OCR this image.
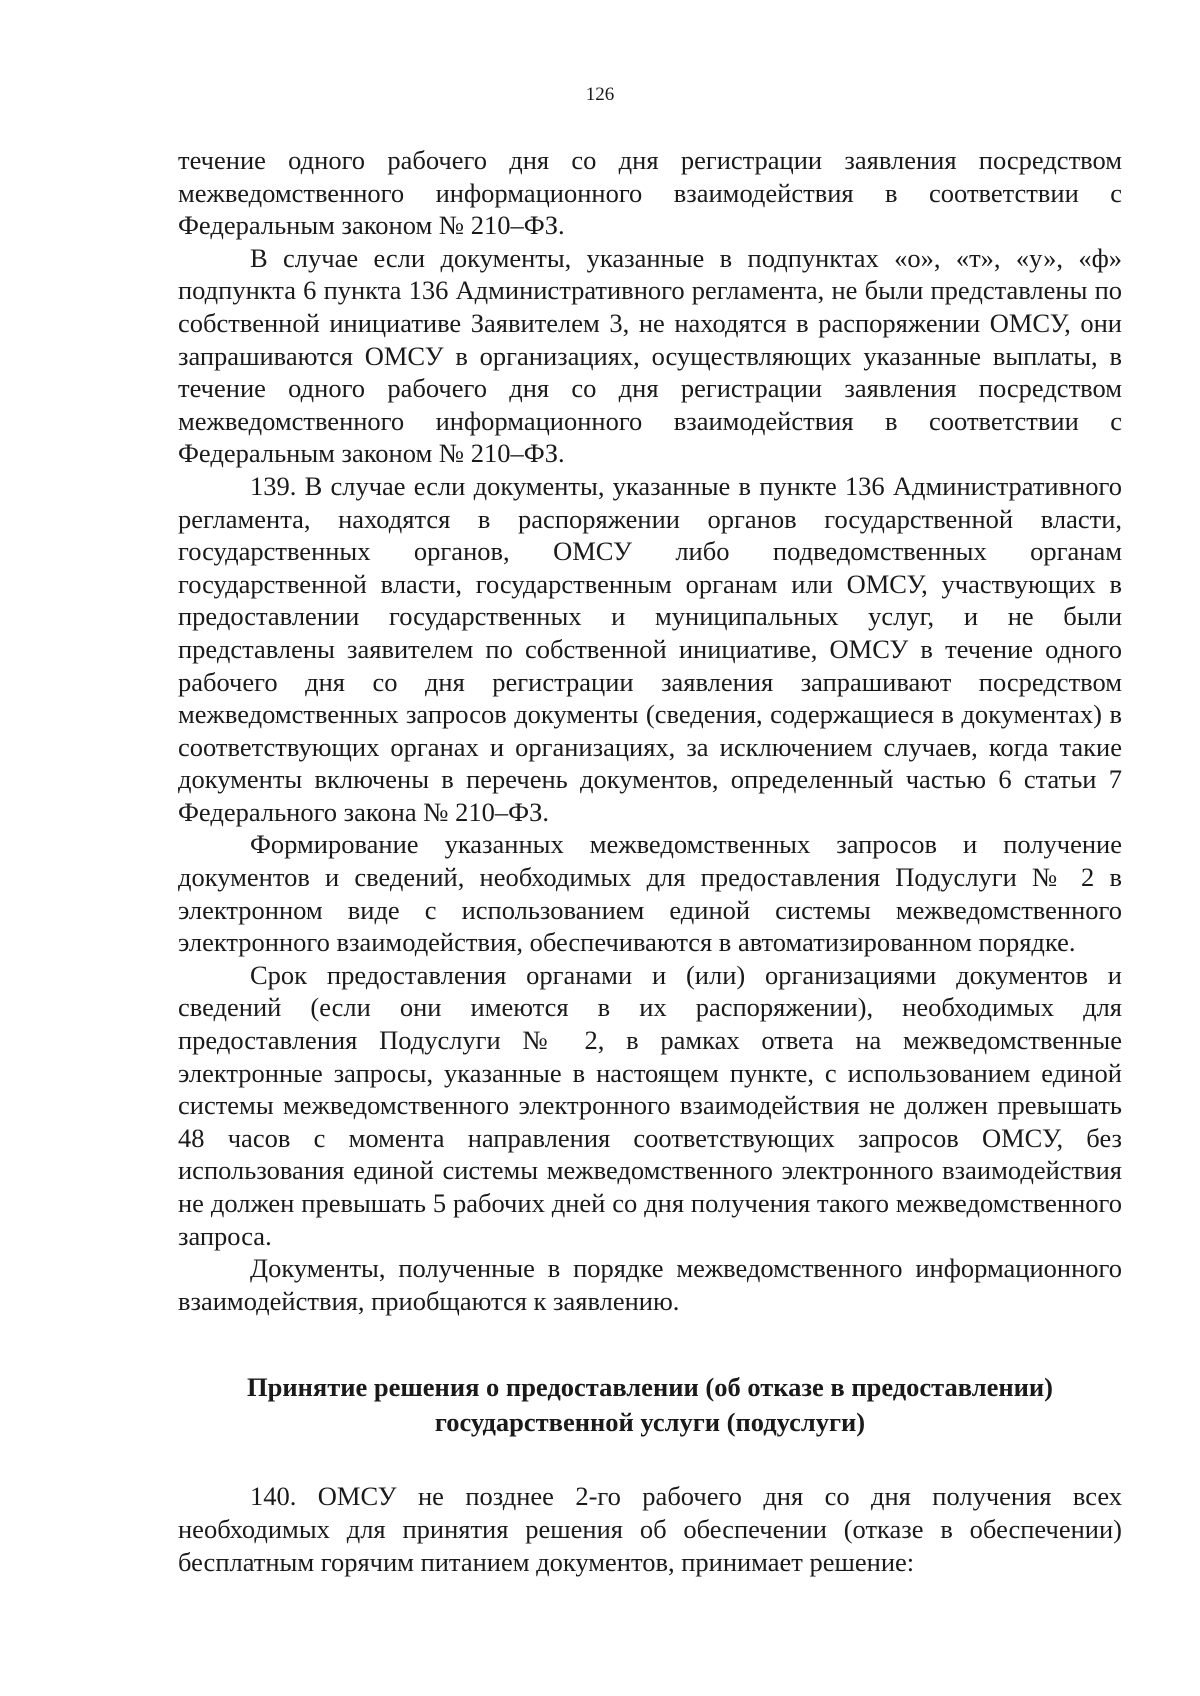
126

течение одного рабочего дня со дня регистрации заявления посредством межведомственного информационного взаимодействия в соответствии с Федеральным законом № 210–ФЗ.

В случае если документы, указанные в подпунктах «о», «т», «у», «ф» подпункта 6 пункта 136 Административного регламента, не были представлены по собственной инициативе Заявителем 3, не находятся в распоряжении ОМСУ, они запрашиваются ОМСУ в организациях, осуществляющих указанные выплаты, в течение одного рабочего дня со дня регистрации заявления посредством межведомственного информационного взаимодействия в соответствии с Федеральным законом № 210–ФЗ.

139. В случае если документы, указанные в пункте 136 Административного регламента, находятся в распоряжении органов государственной власти, государственных органов, ОМСУ либо подведомственных органам государственной власти, государственным органам или ОМСУ, участвующих в предоставлении государственных и муниципальных услуг, и не были представлены заявителем по собственной инициативе, ОМСУ в течение одного рабочего дня со дня регистрации заявления запрашивают посредством межведомственных запросов документы (сведения, содержащиеся в документах) в соответствующих органах и организациях, за исключением случаев, когда такие документы включены в перечень документов, определенный частью 6 статьи 7 Федерального закона № 210–ФЗ.

Формирование указанных межведомственных запросов и получение документов и сведений, необходимых для предоставления Подуслуги № 2 в электронном виде с использованием единой системы межведомственного электронного взаимодействия, обеспечиваются в автоматизированном порядке.

Срок предоставления органами и (или) организациями документов и сведений (если они имеются в их распоряжении), необходимых для предоставления Подуслуги № 2, в рамках ответа на межведомственные электронные запросы, указанные в настоящем пункте, с использованием единой системы межведомственного электронного взаимодействия не должен превышать 48 часов с момента направления соответствующих запросов ОМСУ, без использования единой системы межведомственного электронного взаимодействия не должен превышать 5 рабочих дней со дня получения такого межведомственного запроса.

Документы, полученные в порядке межведомственного информационного взаимодействия, приобщаются к заявлению.

Принятие решения о предоставлении (об отказе в предоставлении)
государственной услуги (подуслуги)

140. ОМСУ не позднее 2-го рабочего дня со дня получения всех необходимых для принятия решения об обеспечении (отказе в обеспечении) бесплатным горячим питанием документов, принимает решение:
